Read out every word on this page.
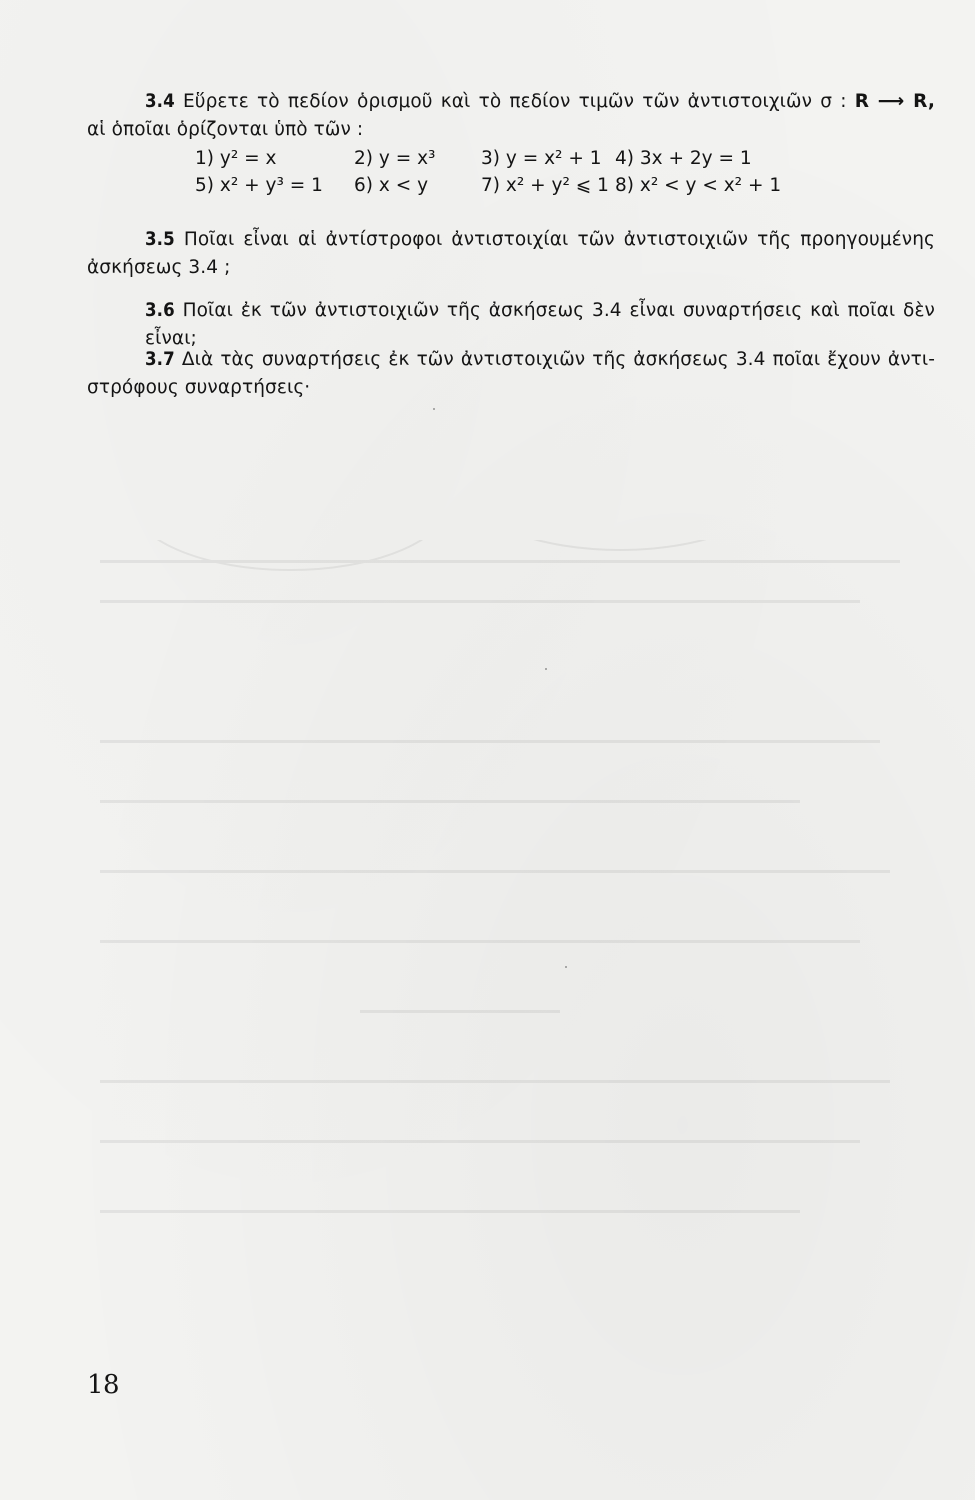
3.4 Εὕρετε τὸ πεδίον ὁρισμοῦ καὶ τὸ πεδίον τιμῶν τῶν ἀντιστοιχιῶν σ : R ⟶ R,
αἱ ὁποῖαι ὁρίζονται ὑπὸ τῶν :
1) y² = x	2) y = x³ 3) y = x² + 1 4) 3x + 2y = 1
5) x² + y³ = 1 6) x < y	7) x² + y² ⩽ 1 8) x² < y < x² + 1
3.5 Ποῖαι εἶναι αἱ ἀντίστροφοι ἀντιστοιχίαι τῶν ἀντιστοιχιῶν τῆς προηγουμένης
ἀσκήσεως 3.4 ;
3.6 Ποῖαι ἐκ τῶν ἀντιστοιχιῶν τῆς ἀσκήσεως 3.4 εἶναι συναρτήσεις καὶ ποῖαι δὲν εἶναι;
3.7 Διὰ τὰς συναρτήσεις ἐκ τῶν ἀντιστοιχιῶν τῆς ἀσκήσεως 3.4 ποῖαι ἔχουν ἀντι-
στρόφους συναρτήσεις·
18
